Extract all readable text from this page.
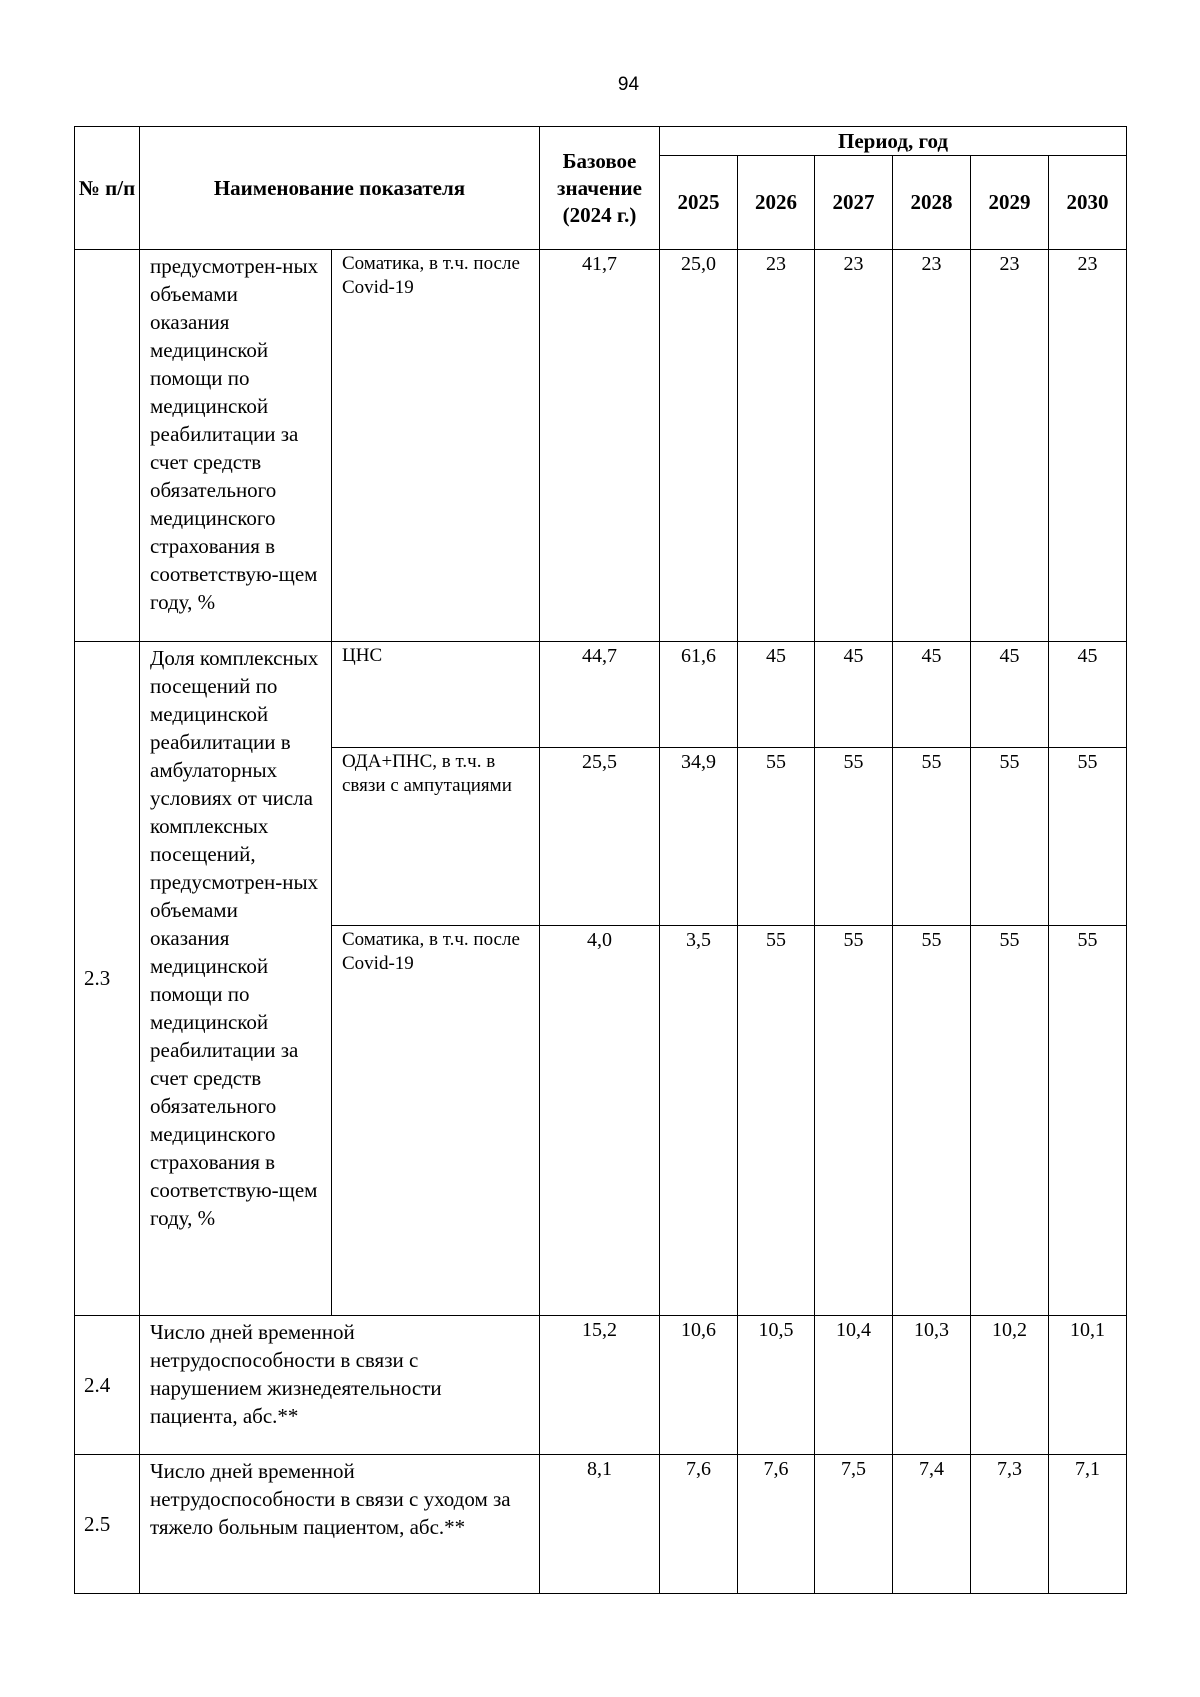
94
№ п/п	Наименование показателя		Базовое значение (2024 г.)	Период, год					
				2025	2026	2027	2028	2029	2030
	предусмотрен-ных объемами оказания медицинской помощи по медицинской реабилитации за счет средств обязательного медицинского страхования в соответствую-щем году, %	Соматика, в т.ч. после Covid-19	41,7	25,0	23	23	23	23	23
2.3	Доля комплексных посещений по медицинской реабилитации в амбулаторных условиях от числа комплексных посещений, предусмотрен-ных объемами оказания медицинской помощи по медицинской реабилитации за счет средств обязательного медицинского страхования в соответствую-щем году, %	ЦНС	44,7	61,6	45	45	45	45	45
		ОДА+ПНС, в т.ч. в связи с ампутациями	25,5	34,9	55	55	55	55	55
		Соматика, в т.ч. после Covid-19	4,0	3,5	55	55	55	55	55
2.4	Число дней временной нетрудоспособности в связи с нарушением жизнедеятельности пациента, абс.**		15,2	10,6	10,5	10,4	10,3	10,2	10,1
2.5	Число дней временной нетрудоспособности в связи с уходом за тяжело больным пациентом, абс.**		8,1	7,6	7,6	7,5	7,4	7,3	7,1
